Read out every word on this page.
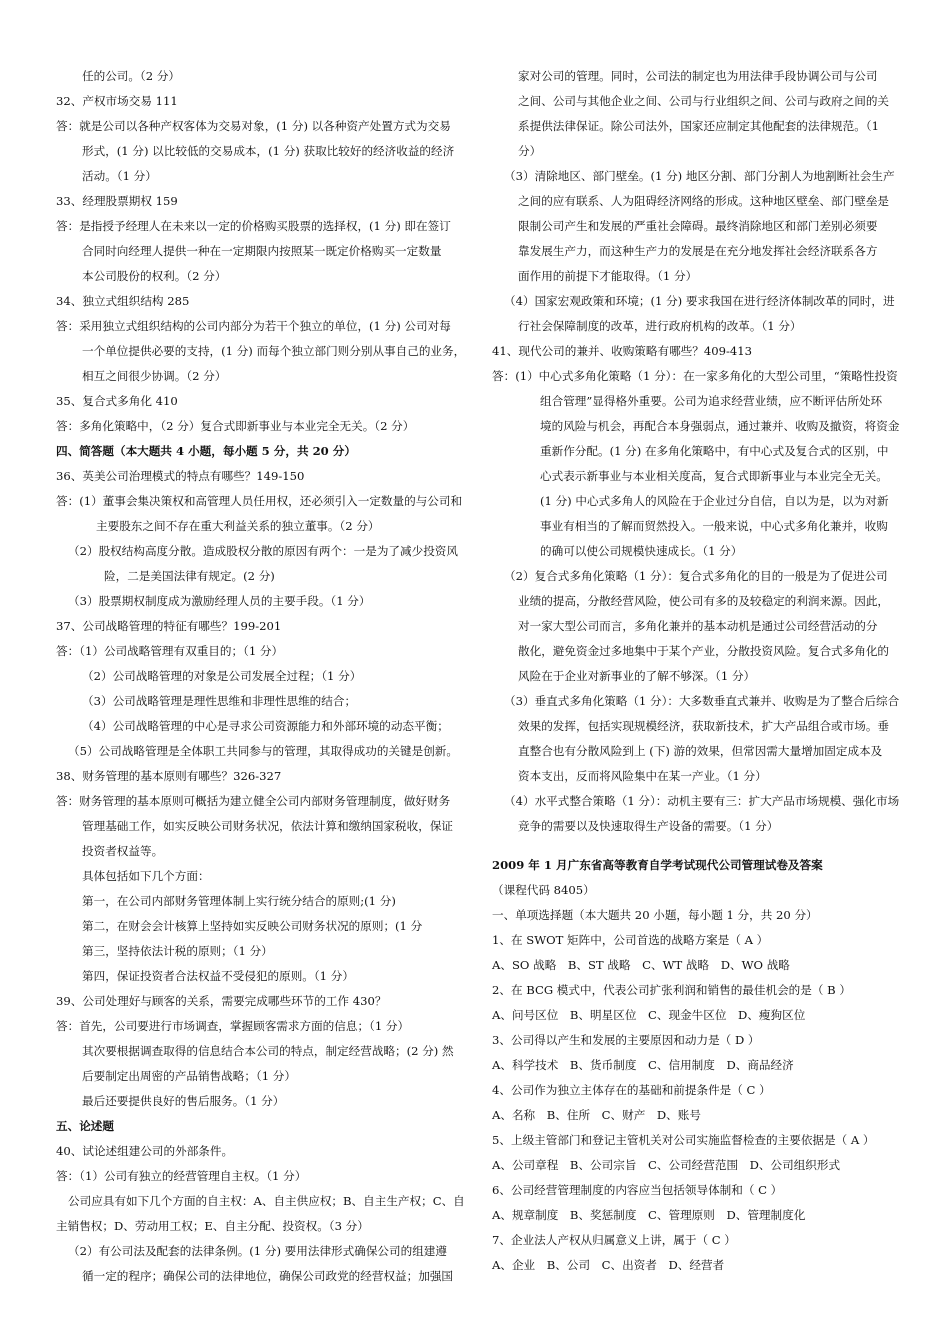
任的公司。（2 分）
32、产权市场交易 111
答：就是公司以各种产权客体为交易对象，(1 分) 以各种资产处置方式为交易
形式，(1 分) 以比较低的交易成本，(1 分) 获取比较好的经济收益的经济
活动。（1 分）
33、经理股票期权 159
答：是指授予经理人在未来以一定的价格购买股票的选择权，(1 分) 即在签订
合同时向经理人提供一种在一定期限内按照某一既定价格购买一定数量
本公司股份的权利。（2 分）
34、独立式组织结构 285
答：采用独立式组织结构的公司内部分为若干个独立的单位，(1 分) 公司对每
一个单位提供必要的支持，(1 分) 而每个独立部门则分别从事自己的业务，
相互之间很少协调。（2 分）
35、复合式多角化 410
答：多角化策略中，（2 分）复合式即新事业与本业完全无关。（2 分）
四、简答题（本大题共 4 小题，每小题 5 分，共 20 分）
36、英美公司治理模式的特点有哪些？149-150
答：(1）董事会集决策权和高管理人员任用权，还必须引入一定数量的与公司和
主要股东之间不存在重大利益关系的独立董事。（2 分）
（2）股权结构高度分散。造成股权分散的原因有两个：一是为了减少投资风
险，二是美国法律有规定。(2 分)
（3）股票期权制度成为激励经理人员的主要手段。（1 分）
37、公司战略管理的特征有哪些？199-201
答：（1）公司战略管理有双重目的；（1 分）
（2）公司战略管理的对象是公司发展全过程；（1 分）
（3）公司战略管理是理性思维和非理性思维的结合；
（4）公司战略管理的中心是寻求公司资源能力和外部环境的动态平衡；
（5）公司战略管理是全体职工共同参与的管理，其取得成功的关键是创新。
38、财务管理的基本原则有哪些？326-327
答：财务管理的基本原则可概括为建立健全公司内部财务管理制度，做好财务
管理基础工作，如实反映公司财务状况，依法计算和缴纳国家税收，保证
投资者权益等。
具体包括如下几个方面：
第一，在公司内部财务管理体制上实行统分结合的原则;(1 分)
第二，在财会会计核算上坚持如实反映公司财务状况的原则；(1 分
第三，坚持依法计税的原则；（1 分）
第四，保证投资者合法权益不受侵犯的原则。（1 分）
39、公司处理好与顾客的关系，需要完成哪些环节的工作 430？
答：首先，公司要进行市场调查，掌握顾客需求方面的信息；（1 分）
其次要根据调查取得的信息结合本公司的特点，制定经营战略；(2 分) 然
后要制定出周密的产品销售战略；（1 分）
最后还要提供良好的售后服务。（1 分）
五、论述题
40、试论述组建公司的外部条件。
答：（1）公司有独立的经营管理自主权。（1 分）
公司应具有如下几个方面的自主权：A、自主供应权；B、自主生产权；C、自
主销售权；D、劳动用工权；E、自主分配、投资权。（3 分）
（2）有公司法及配套的法律条例。(1 分) 要用法律形式确保公司的组建遵
循一定的程序；确保公司的法律地位，确保公司政党的经营权益；加强国
家对公司的管理。同时，公司法的制定也为用法律手段协调公司与公司
之间、公司与其他企业之间、公司与行业组织之间、公司与政府之间的关
系提供法律保证。除公司法外，国家还应制定其他配套的法律规范。（1
分）
（3）清除地区、部门壁垒。(1 分) 地区分割、部门分割人为地割断社会生产
之间的应有联系、人为阻碍经济网络的形成。这种地区壁垒、部门壁垒是
限制公司产生和发展的严重社会障碍。最终消除地区和部门差别必须要
靠发展生产力，而这种生产力的发展是在充分地发挥社会经济联系各方
面作用的前提下才能取得。（1 分）
（4）国家宏观政策和环境；(1 分) 要求我国在进行经济体制改革的同时，进
行社会保障制度的改革，进行政府机构的改革。（1 分）
41、现代公司的兼并、收购策略有哪些？409-413
答：(1）中心式多角化策略（1 分）：在一家多角化的大型公司里，“策略性投资
组合管理”显得格外重要。公司为追求经营业绩，应不断评估所处环
境的风险与机会，再配合本身强弱点，通过兼并、收购及撤资，将资金
重新作分配。(1 分) 在多角化策略中，有中心式及复合式的区别，中
心式表示新事业与本业相关度高，复合式即新事业与本业完全无关。
(1 分) 中心式多角人的风险在于企业过分自信，自以为是，以为对新
事业有相当的了解而贸然投入。一般来说，中心式多角化兼并，收购
的确可以使公司规模快速成长。（1 分）
（2）复合式多角化策略（1 分）：复合式多角化的目的一般是为了促进公司
业绩的提高，分散经营风险，使公司有多的及较稳定的利润来源。因此，
对一家大型公司而言，多角化兼并的基本动机是通过公司经营活动的分
散化，避免资金过多地集中于某个产业，分散投资风险。复合式多角化的
风险在于企业对新事业的了解不够深。（1 分）
（3）垂直式多角化策略（1 分）：大多数垂直式兼并、收购是为了整合后综合
效果的发挥，包括实现规模经济，获取新技术，扩大产品组合或市场。垂
直整合也有分散风险到上 (下) 游的效果，但常因需大量增加固定成本及
资本支出，反而将风险集中在某一产业。（1 分）
（4）水平式整合策略（1 分）：动机主要有三：扩大产品市场规模、强化市场
竞争的需要以及快速取得生产设备的需要。（1 分）
2009 年 1 月广东省高等教育自学考试现代公司管理试卷及答案
（课程代码 8405）
一、单项选择题（本大题共 20 小题，每小题 1 分，共 20 分）
1、在 SWOT 矩阵中，公司首选的战略方案是（ A ）
A、SO 战略　B、ST 战略　C、WT 战略　D、WO 战略
2、在 BCG 模式中，代表公司扩张利润和销售的最佳机会的是（ B ）
A、问号区位　B、明星区位　C、现金牛区位　D、瘦狗区位
3、公司得以产生和发展的主要原因和动力是（ D ）
A、科学技术　B、货币制度　C、信用制度　D、商品经济
4、公司作为独立主体存在的基础和前提条件是（ C ）
A、名称　B、住所　C、财产　D、账号
5、上级主管部门和登记主管机关对公司实施监督检查的主要依据是（ A ）
A、公司章程　B、公司宗旨　C、公司经营范围　D、公司组织形式
6、公司经营管理制度的内容应当包括领导体制和（ C ）
A、规章制度　B、奖惩制度　C、管理原则　D、管理制度化
7、企业法人产权从归属意义上讲，属于（ C ）
A、企业　B、公司　C、出资者　D、经营者
